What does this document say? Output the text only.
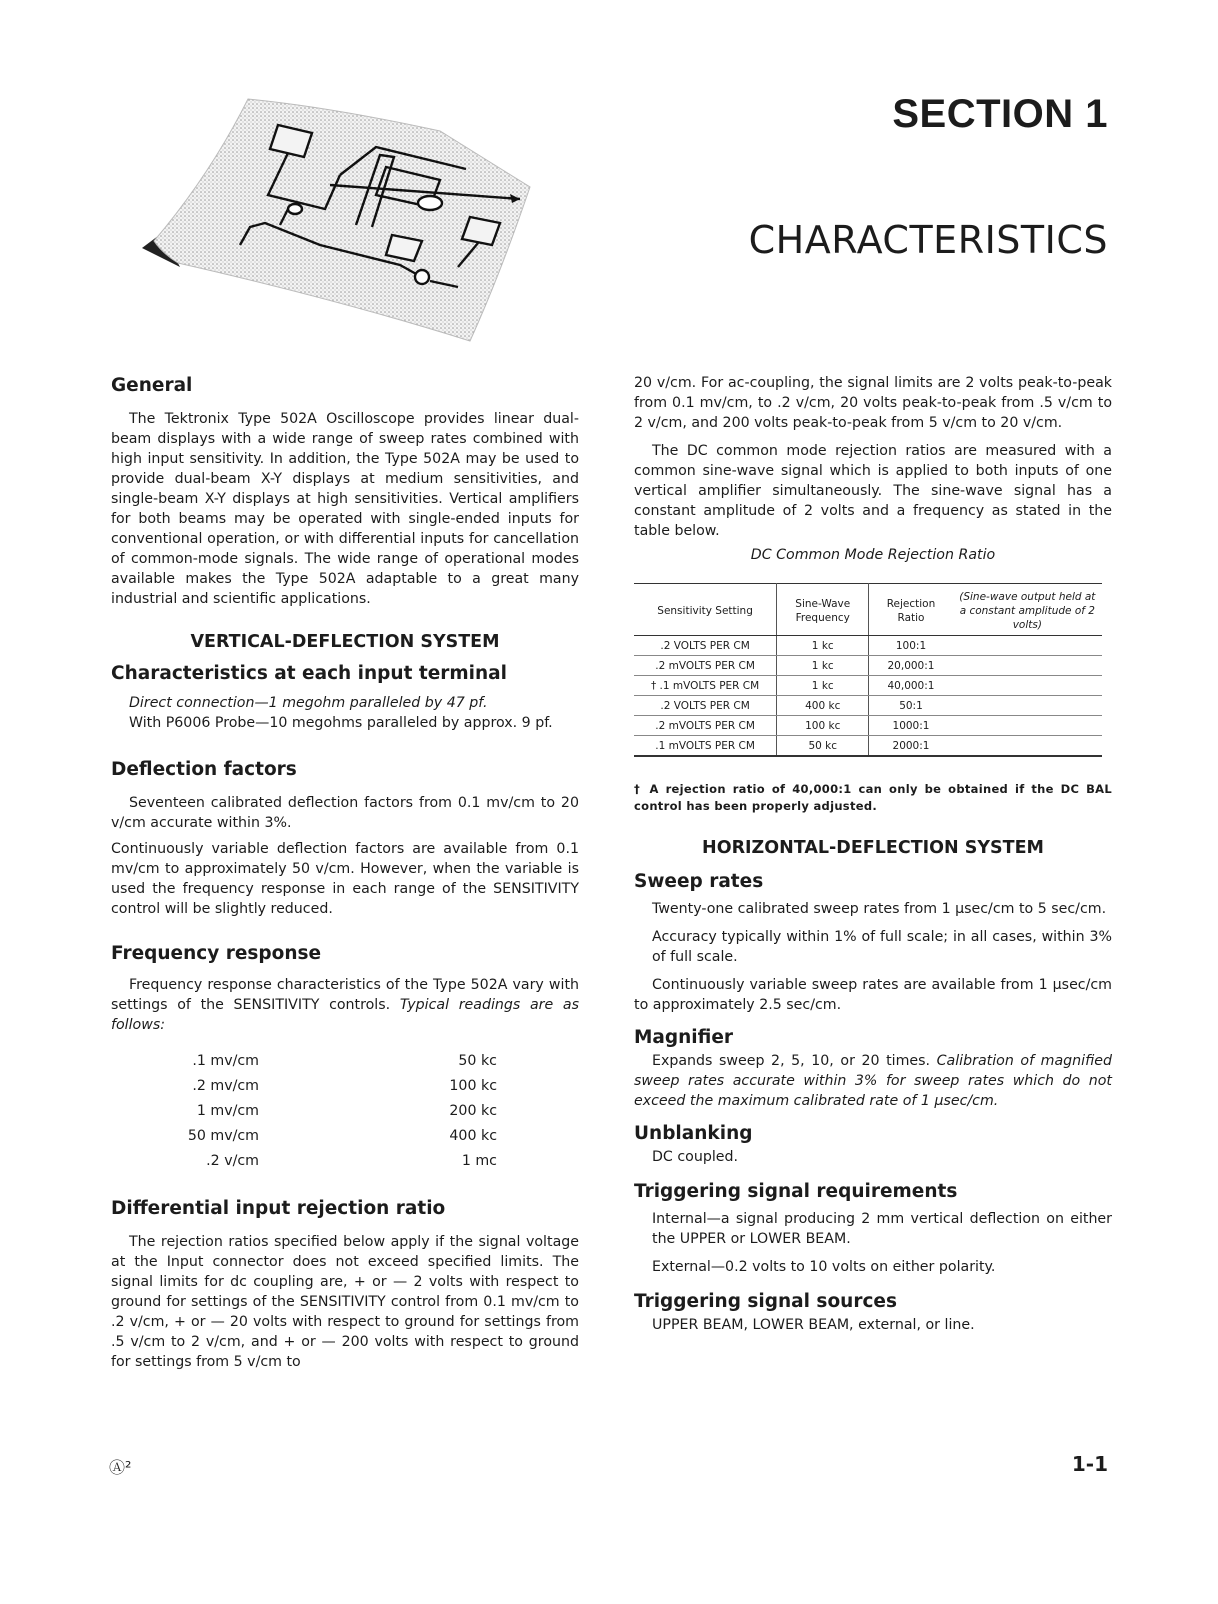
SECTION 1
CHARACTERISTICS
General

The Tektronix Type 502A Oscilloscope provides linear dual-beam displays with a wide range of sweep rates combined with high input sensitivity. In addition, the Type 502A may be used to provide dual-beam X-Y displays at medium sensitivities, and single-beam X-Y displays at high sensitivities. Vertical amplifiers for both beams may be operated with single-ended inputs for conventional operation, or with differential inputs for cancellation of common-mode signals. The wide range of operational modes available makes the Type 502A adaptable to a great many industrial and scientific applications.

VERTICAL-DEFLECTION SYSTEM
Characteristics at each input terminal

Direct connection—1 megohm paralleled by 47 pf.

With P6006 Probe—10 megohms paralleled by approx. 9 pf.

Deflection factors

Seventeen calibrated deflection factors from 0.1 mv/cm to 20 v/cm accurate within 3%.

Continuously variable deflection factors are available from 0.1 mv/cm to approximately 50 v/cm. However, when the variable is used the frequency response in each range of the SENSITIVITY control will be slightly reduced.

Frequency response

Frequency response characteristics of the Type 502A vary with settings of the SENSITIVITY controls. Typical readings are as follows:

.1 mv/cm	50 kc
.2 mv/cm	100 kc
1 mv/cm	200 kc
50 mv/cm	400 kc
.2 v/cm	1 mc
Differential input rejection ratio

The rejection ratios specified below apply if the signal voltage at the Input connector does not exceed specified limits. The signal limits for dc coupling are, + or — 2 volts with respect to ground for settings of the SENSITIVITY control from 0.1 mv/cm to .2 v/cm, + or — 20 volts with respect to ground for settings from .5 v/cm to 2 v/cm, and + or — 200 volts with respect to ground for settings from 5 v/cm to

20 v/cm. For ac-coupling, the signal limits are 2 volts peak-to-peak from 0.1 mv/cm, to .2 v/cm, 20 volts peak-to-peak from .5 v/cm to 2 v/cm, and 200 volts peak-to-peak from 5 v/cm to 20 v/cm.

The DC common mode rejection ratios are measured with a common sine-wave signal which is applied to both inputs of one vertical amplifier simultaneously. The sine-wave signal has a constant amplitude of 2 volts and a frequency as stated in the table below.

DC Common Mode Rejection Ratio
Sensitivity Setting	Sine-Wave Frequency	Rejection Ratio	(Sine-wave output held at a constant amplitude of 2 volts)
.2 VOLTS PER CM	1 kc	100:1	
.2 mVOLTS PER CM	1 kc	20,000:1	
† .1 mVOLTS PER CM	1 kc	40,000:1	
.2 VOLTS PER CM	400 kc	50:1	
.2 mVOLTS PER CM	100 kc	1000:1	
.1 mVOLTS PER CM	50 kc	2000:1	

† A rejection ratio of 40,000:1 can only be obtained if the DC BAL control has been properly adjusted.

HORIZONTAL-DEFLECTION SYSTEM
Sweep rates

Twenty-one calibrated sweep rates from 1 µsec/cm to 5 sec/cm.

Accuracy typically within 1% of full scale; in all cases, within 3% of full scale.

Continuously variable sweep rates are available from 1 µsec/cm to approximately 2.5 sec/cm.

Magnifier

Expands sweep 2, 5, 10, or 20 times. Calibration of magnified sweep rates accurate within 3% for sweep rates which do not exceed the maximum calibrated rate of 1 µsec/cm.

Unblanking

DC coupled.

Triggering signal requirements

Internal—a signal producing 2 mm vertical deflection on either the UPPER or LOWER BEAM.

External—0.2 volts to 10 volts on either polarity.

Triggering signal sources

UPPER BEAM, LOWER BEAM, external, or line.

Ⓐ²	1-1
